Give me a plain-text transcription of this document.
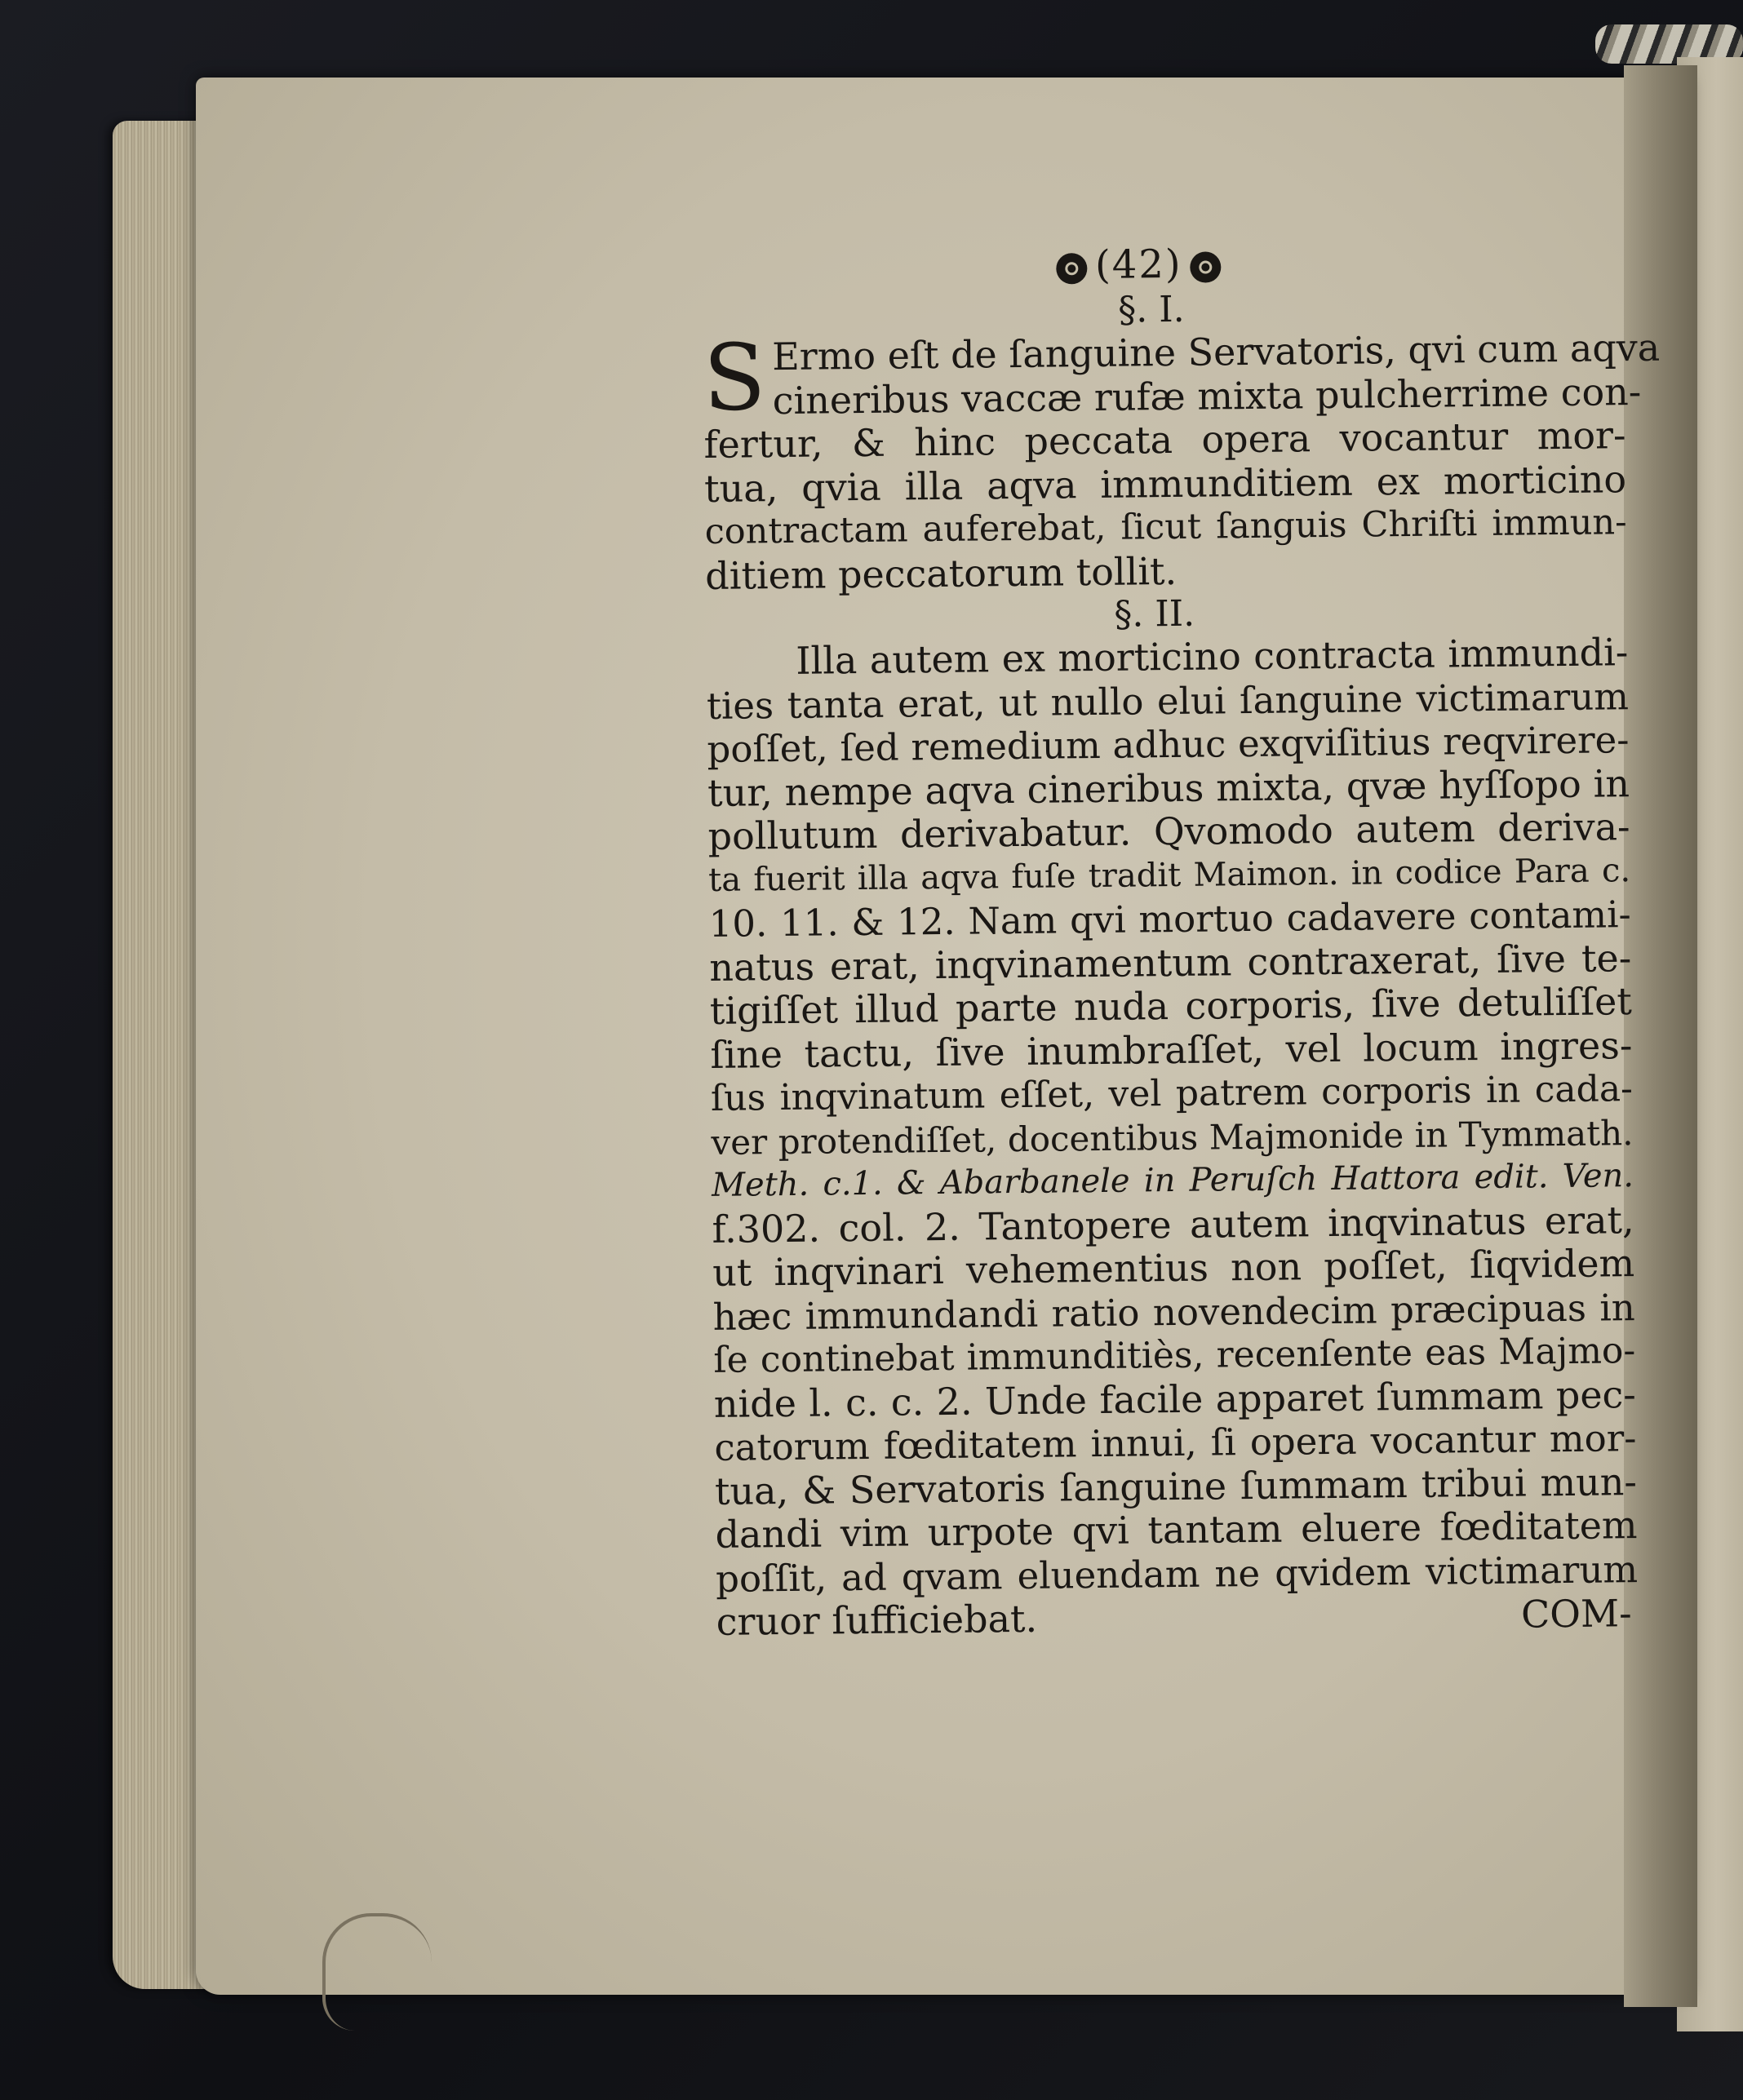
(42)
§. I.
S Ermo eſt de ſanguine Servatoris, qvi cum aqva
cineribus vaccæ rufæ mixta pulcherrime con-
fertur, & hinc peccata opera vocantur mor-
tua, qvia illa aqva immunditiem ex morticino
contractam auferebat, ſicut ſanguis Chriſti immun-
ditiem peccatorum tollit.
§. II.
Illa autem ex morticino contracta immundi-
ties tanta erat, ut nullo elui ſanguine victimarum
poſſet, ſed remedium adhuc exqviſitius reqvirere-
tur, nempe aqva cineribus mixta, qvæ hyſſopo in
pollutum derivabatur. Qvomodo autem deriva-
ta fuerit illa aqva fuſe tradit Maimon. in codice Para c.
10. 11. & 12. Nam qvi mortuo cadavere contami-
natus erat, inqvinamentum contraxerat, ſive te-
tigiſſet illud parte nuda corporis, ſive detuliſſet
ſine tactu, ſive inumbraſſet, vel locum ingres-
ſus inqvinatum eſſet, vel patrem corporis in cada-
ver protendiſſet, docentibus Majmonide in Tymmath.
Meth. c.1. & Abarbanele in Peruſch Hattora edit. Ven.
f.302. col. 2. Tantopere autem inqvinatus erat,
ut inqvinari vehementius non poſſet, ſiqvidem
hæc immundandi ratio novendecim præcipuas in
ſe continebat immunditiès, recenſente eas Majmo-
nide l. c. c. 2. Unde facile apparet ſummam pec-
catorum fœditatem innui, ſi opera vocantur mor-
tua, & Servatoris ſanguine ſummam tribui mun-
dandi vim urpote qvi tantam eluere fœditatem
poſſit, ad qvam eluendam ne qvidem victimarum
cruor ſufficiebat.	COM-
